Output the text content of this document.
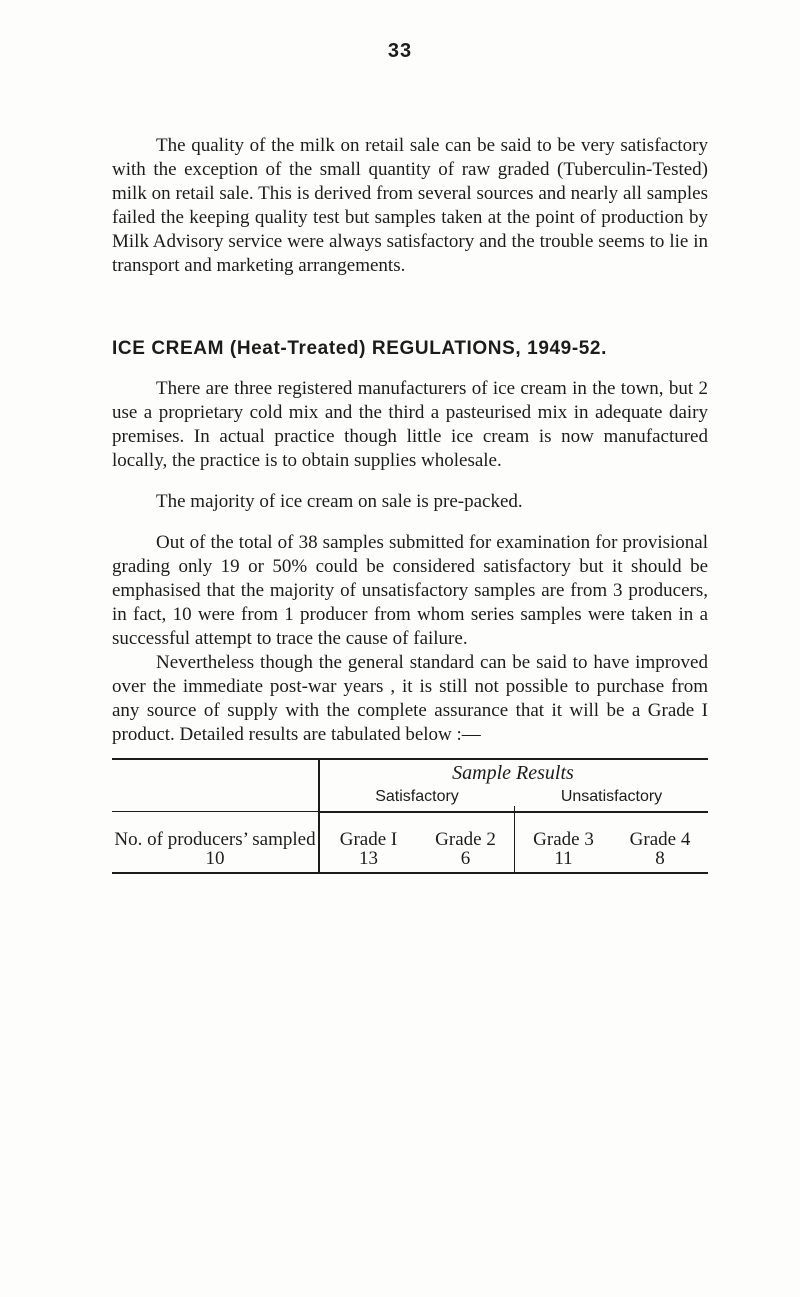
33

The quality of the milk on retail sale can be said to be very satisfactory with the exception of the small quantity of raw graded (Tuberculin-Tested) milk on retail sale. This is derived from several sources and nearly all samples failed the keeping quality test but samples taken at the point of production by Milk Advisory service were always satisfactory and the trouble seems to lie in transport and marketing arrangements.

ICE CREAM (Heat-Treated) REGULATIONS, 1949-52.

There are three registered manufacturers of ice cream in the town, but 2 use a proprietary cold mix and the third a pasteurised mix in adequate dairy premises. In actual practice though little ice cream is now manufactured locally, the practice is to obtain supplies wholesale.

The majority of ice cream on sale is pre-packed.

Out of the total of 38 samples submitted for examination for provisional grading only 19 or 50% could be considered satisfactory but it should be emphasised that the majority of unsatisfactory samples are from 3 producers, in fact, 10 were from 1 producer from whom series samples were taken in a successful attempt to trace the cause of failure.

Nevertheless though the general standard can be said to have improved over the immediate post-war years , it is still not possible to purchase from any source of supply with the complete assurance that it will be a Grade I product. Detailed results are tabulated below :—

Sample Results
Satisfactory	Unsatisfactory
No. of producers’ sampled
10
Grade I
13
Grade 2
6
Grade 3
11
Grade 4
8
